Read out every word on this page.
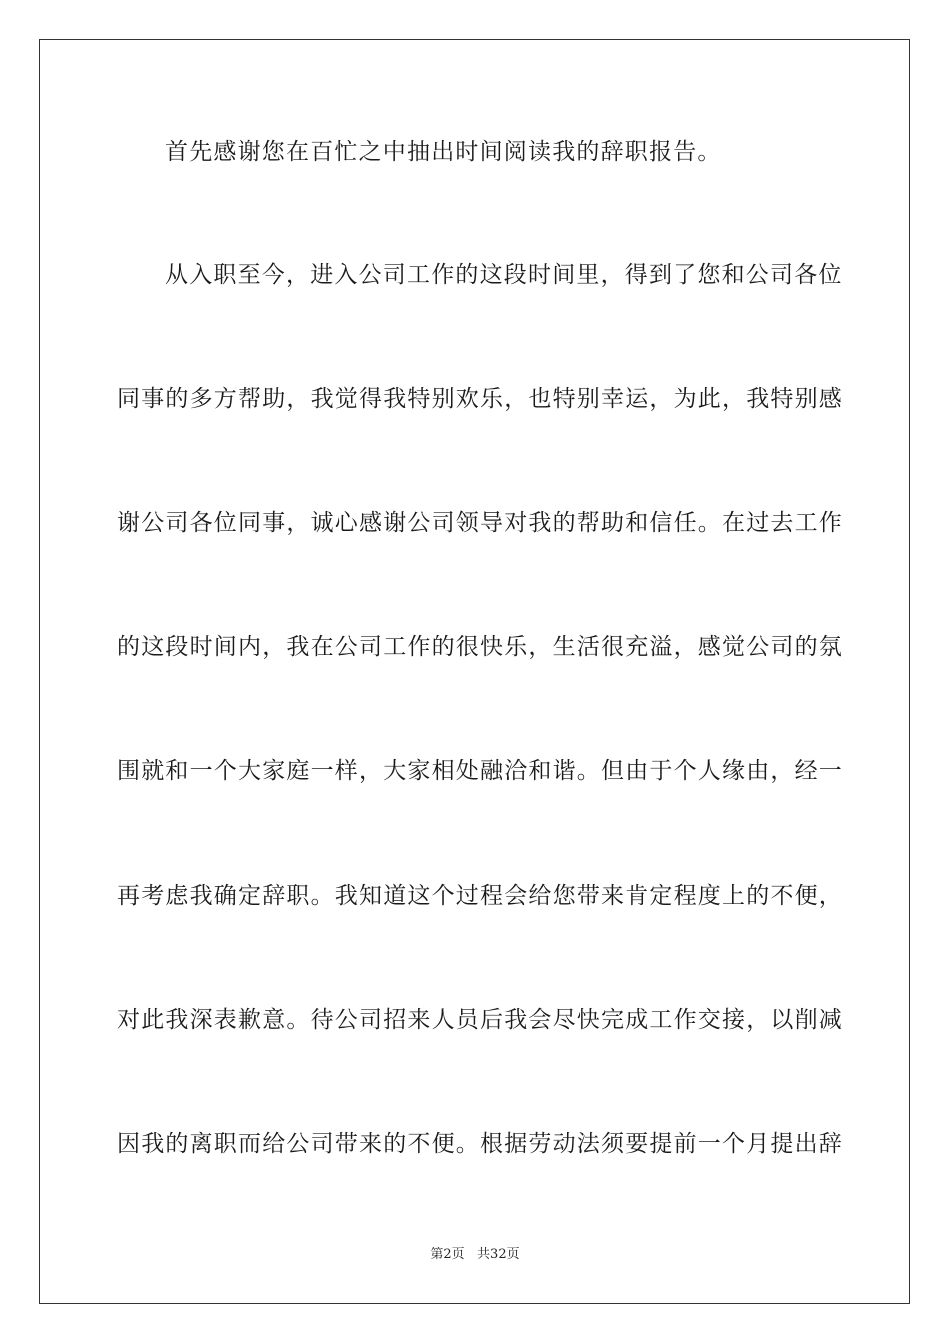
首先感谢您在百忙之中抽出时间阅读我的辞职报告。
从入职至今，进入公司工作的这段时间里，得到了您和公司各位
同事的多方帮助，我觉得我特别欢乐，也特别幸运，为此，我特别感
谢公司各位同事，诚心感谢公司领导对我的帮助和信任。在过去工作
的这段时间内，我在公司工作的很快乐，生活很充溢，感觉公司的氛
围就和一个大家庭一样，大家相处融洽和谐。但由于个人缘由，经一
再考虑我确定辞职。我知道这个过程会给您带来肯定程度上的不便，
对此我深表歉意。待公司招来人员后我会尽快完成工作交接，以削减
因我的离职而给公司带来的不便。根据劳动法须要提前一个月提出辞
第2页   共32页
